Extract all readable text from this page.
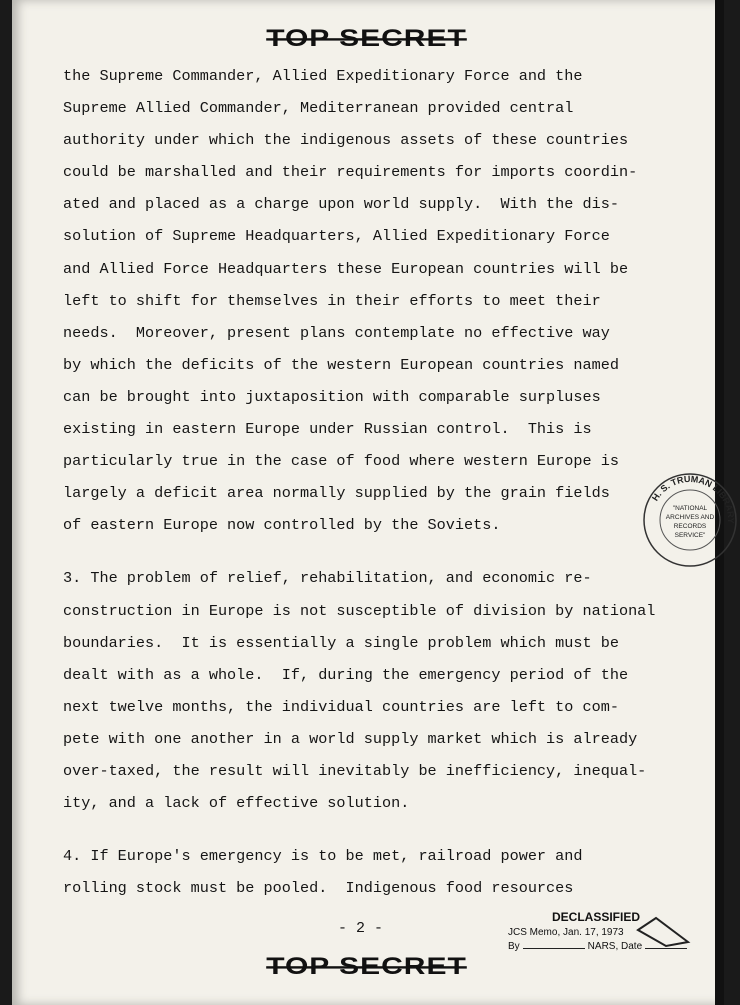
TOP SECRET
the Supreme Commander, Allied Expeditionary Force and the
Supreme Allied Commander, Mediterranean provided central
authority under which the indigenous assets of these countries
could be marshalled and their requirements for imports coordin-
ated and placed as a charge upon world supply.  With the dis-
solution of Supreme Headquarters, Allied Expeditionary Force
and Allied Force Headquarters these European countries will be
left to shift for themselves in their efforts to meet their
needs.  Moreover, present plans contemplate no effective way
by which the deficits of the western European countries named
can be brought into juxtaposition with comparable surpluses
existing in eastern Europe under Russian control.  This is
particularly true in the case of food where western Europe is
largely a deficit area normally supplied by the grain fields
of eastern Europe now controlled by the Soviets.
3. The problem of relief, rehabilitation, and economic re-
construction in Europe is not susceptible of division by national
boundaries.  It is essentially a single problem which must be
dealt with as a whole.  If, during the emergency period of the
next twelve months, the individual countries are left to com-
pete with one another in a world supply market which is already
over-taxed, the result will inevitably be inefficiency, inequal-
ity, and a lack of effective solution.
4. If Europe's emergency is to be met, railroad power and
rolling stock must be pooled.  Indigenous food resources
H. S. TRUMAN LIBRARY
"NATIONAL
ARCHIVES AND
RECORDS
SERVICE"
- 2 -
DECLASSIFIED
JCS Memo, Jan. 17, 1973
By	NARS, Date
TOP SECRET
